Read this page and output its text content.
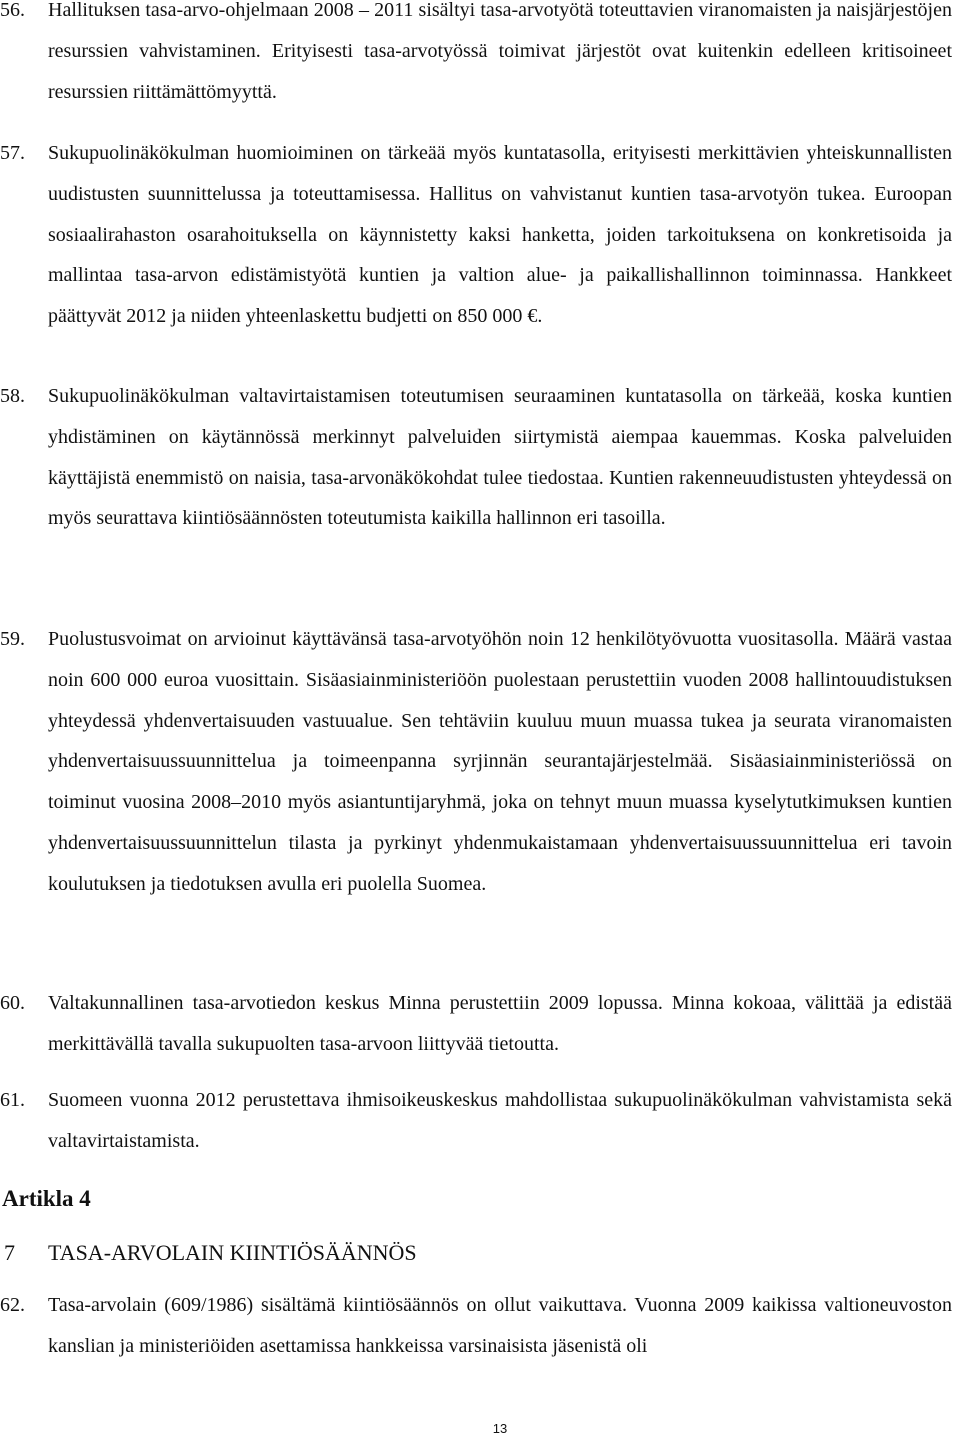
56.	Hallituksen tasa-arvo-ohjelmaan 2008 – 2011 sisältyi tasa-arvotyötä toteuttavien viranomaisten ja naisjärjestöjen resurssien vahvistaminen. Erityisesti tasa-arvotyössä toimivat järjestöt ovat kuitenkin edelleen kritisoineet resurssien riittämättömyyttä.
57.	Sukupuolinäkökulman huomioiminen on tärkeää myös kuntatasolla, erityisesti merkittävien yhteiskunnallisten uudistusten suunnittelussa ja toteuttamisessa. Hallitus on vahvistanut kuntien tasa-arvotyön tukea. Euroopan sosiaalirahaston osarahoituksella on käynnistetty kaksi hanketta, joiden tarkoituksena on konkretisoida ja mallintaa tasa-arvon edistämistyötä kuntien ja valtion alue- ja paikallishallinnon toiminnassa. Hankkeet päättyvät 2012 ja niiden yhteenlaskettu budjetti on 850 000 €.
58.	Sukupuolinäkökulman valtavirtaistamisen toteutumisen seuraaminen kuntatasolla on tärkeää, koska kuntien yhdistäminen on käytännössä merkinnyt palveluiden siirtymistä aiempaa kauemmas. Koska palveluiden käyttäjistä enemmistö on naisia, tasa-arvonäkökohdat tulee tiedostaa. Kuntien rakenneuudistusten yhteydessä on myös seurattava kiintiösäännösten toteutumista kaikilla hallinnon eri tasoilla.
59.	Puolustusvoimat on arvioinut käyttävänsä tasa-arvotyöhön noin 12 henkilötyövuotta vuositasolla. Määrä vastaa noin 600 000 euroa vuosittain. Sisäasiainministeriöön puolestaan perustettiin vuoden 2008 hallintouudistuksen yhteydessä yhdenvertaisuuden vastuualue. Sen tehtäviin kuuluu muun muassa tukea ja seurata viranomaisten yhdenvertaisuussuunnittelua ja toimeenpanna syrjinnän seurantajärjestelmää. Sisäasiainministeriössä on toiminut vuosina 2008–2010 myös asiantuntijaryhmä, joka on tehnyt muun muassa kyselytutkimuksen kuntien yhdenvertaisuussuunnittelun tilasta ja pyrkinyt yhdenmukaistamaan yhdenvertaisuussuunnittelua eri tavoin koulutuksen ja tiedotuksen avulla eri puolella Suomea.
60.	Valtakunnallinen tasa-arvotiedon keskus Minna perustettiin 2009 lopussa. Minna kokoaa, välittää ja edistää merkittävällä tavalla sukupuolten tasa-arvoon liittyvää tietoutta.
61.	Suomeen vuonna 2012 perustettava ihmisoikeuskeskus mahdollistaa sukupuolinäkökulman vahvistamista sekä valtavirtaistamista.
Artikla 4
7 TASA-ARVOLAIN KIINTIÖSÄÄNNÖS
62.	Tasa-arvolain (609/1986) sisältämä kiintiösäännös on ollut vaikuttava. Vuonna 2009 kaikissa valtioneuvoston kanslian ja ministeriöiden asettamissa hankkeissa varsinaisista jäsenistä oli
13
